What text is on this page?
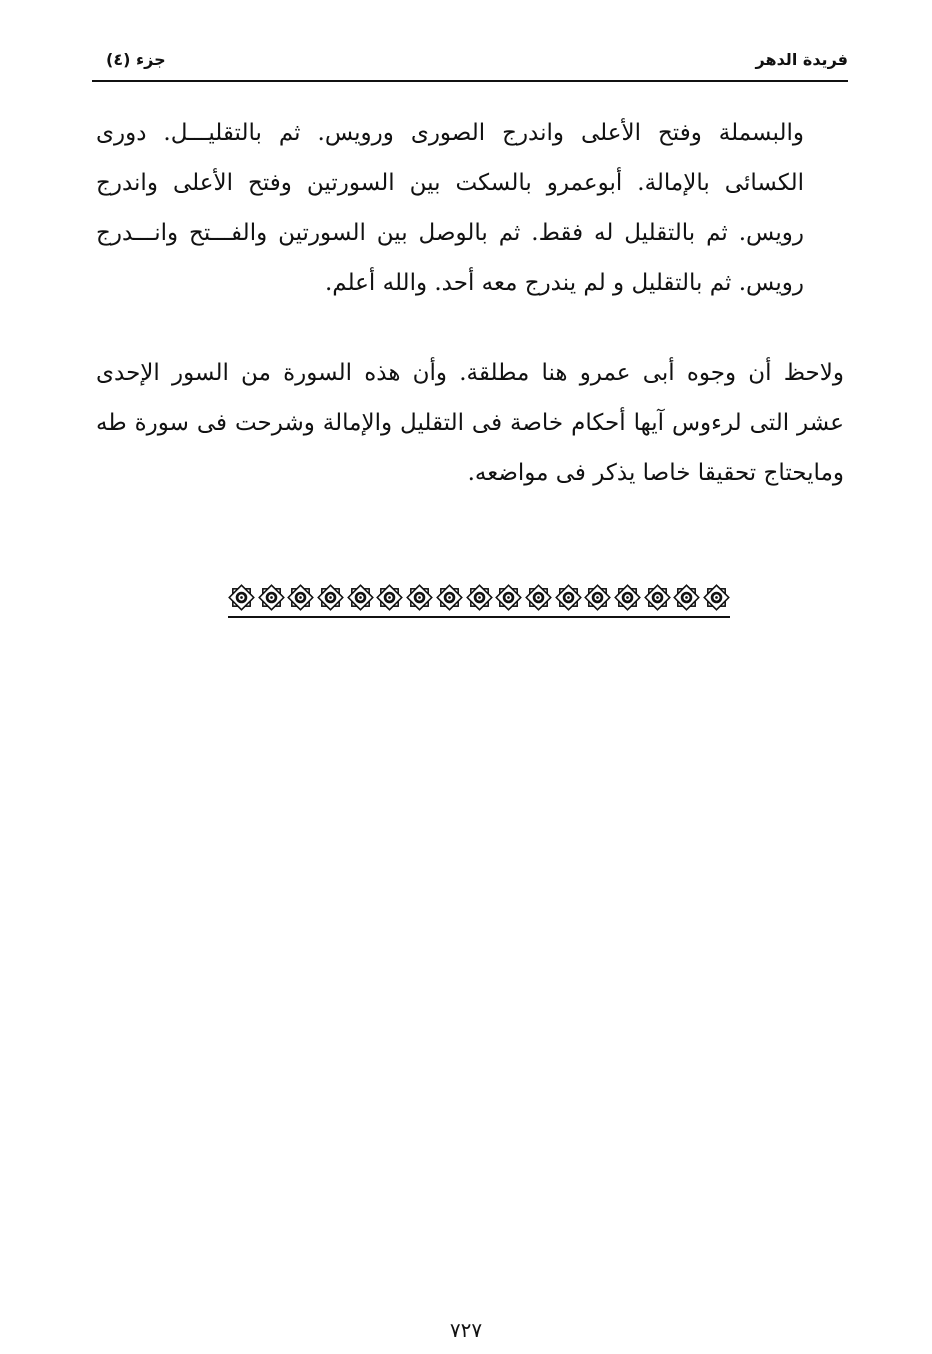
فريدة الدهر
جزء (٤)
والبسملة وفتح الأعلى واندرج الصورى ورويس. ثم بالتقليـــل. دورى
الكسائى بالإمالة. أبوعمرو بالسكت بين السورتين وفتح الأعلى واندرج
رويس. ثم بالتقليل له فقط. ثم بالوصل بين السورتين والفـــتح وانـــدرج
رويس. ثم بالتقليل و لم يندرج معه أحد. والله أعلم.
ولاحظ أن وجوه أبى عمرو هنا مطلقة. وأن هذه السورة من السور الإحدى
عشر التى لرءوس آيها أحكام خاصة فى التقليل والإمالة وشرحت فى سورة طه
ومايحتاج تحقيقا خاصا يذكر فى مواضعه.
٧٢٧
